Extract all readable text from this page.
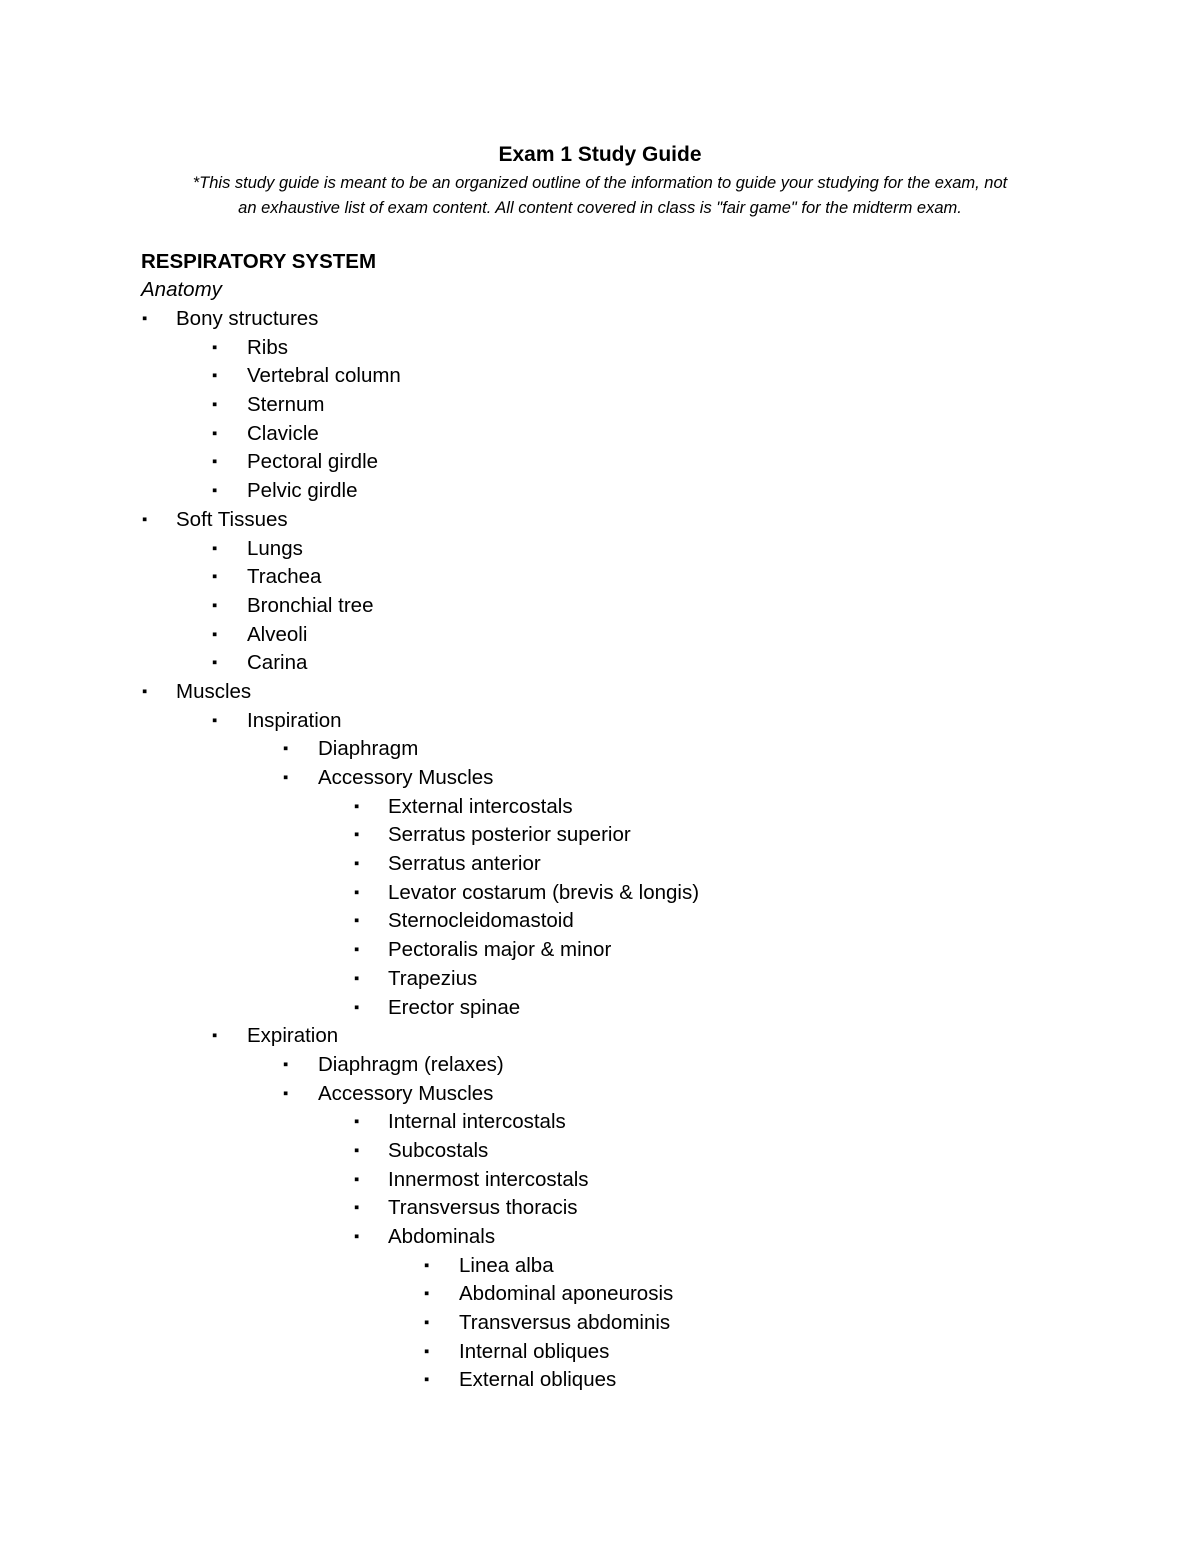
Exam 1 Study Guide
*This study guide is meant to be an organized outline of the information to guide your studying for the exam, not
an exhaustive list of exam content. All content covered in class is "fair game" for the midterm exam.
RESPIRATORY SYSTEM
Anatomy
▪ Bony structures
▪ Ribs
▪ Vertebral column
▪ Sternum
▪ Clavicle
▪ Pectoral girdle
▪ Pelvic girdle
▪ Soft Tissues
▪ Lungs
▪ Trachea
▪ Bronchial tree
▪ Alveoli
▪ Carina
▪ Muscles
▪ Inspiration
▪ Diaphragm
▪ Accessory Muscles
▪ External intercostals
▪ Serratus posterior superior
▪ Serratus anterior
▪ Levator costarum (brevis & longis)
▪ Sternocleidomastoid
▪ Pectoralis major & minor
▪ Trapezius
▪ Erector spinae
▪ Expiration
▪ Diaphragm (relaxes)
▪ Accessory Muscles
▪ Internal intercostals
▪ Subcostals
▪ Innermost intercostals
▪ Transversus thoracis
▪ Abdominals
▪ Linea alba
▪ Abdominal aponeurosis
▪ Transversus abdominis
▪ Internal obliques
▪ External obliques
